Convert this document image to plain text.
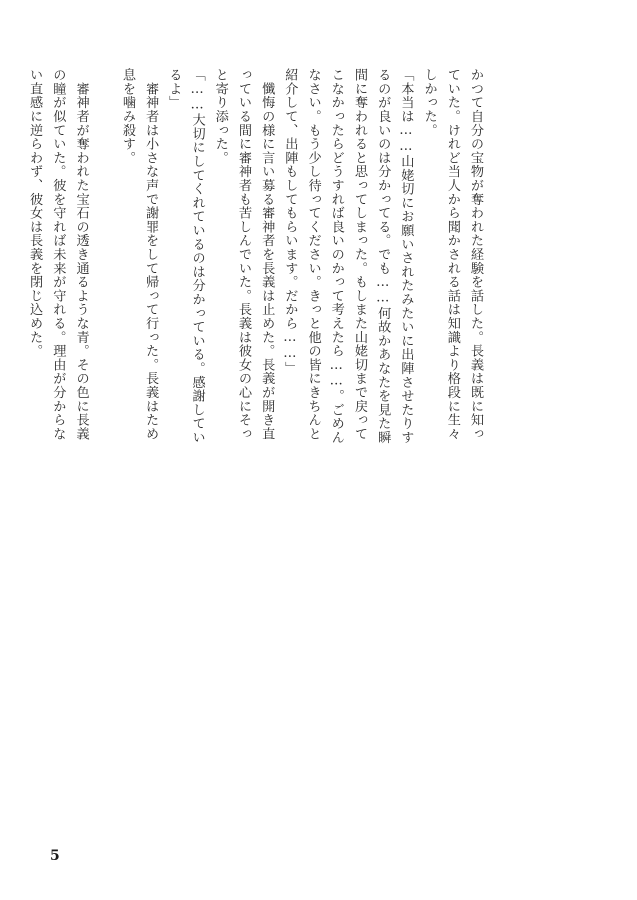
かつて自分の宝物が奪われた経験を話した。長義は既に知っ
ていた。けれど当人から聞かされる話は知識より格段に生々
しかった。
「本当は……山姥切にお願いされたみたいに出陣させたりす
るのが良いのは分かってる。でも……何故かあなたを見た瞬
間に奪われると思ってしまった。もしまた山姥切まで戻って
こなかったらどうすれば良いのかって考えたら……。ごめん
なさい。もう少し待ってください。きっと他の皆にきちんと
紹介して、出陣もしてもらいます。だから……」
　懺悔の様に言い募る審神者を長義は止めた。長義が開き直
っている間に審神者も苦しんでいた。長義は彼女の心にそっ
と寄り添った。
「……大切にしてくれているのは分かっている。感謝してい
るよ」
　審神者は小さな声で謝罪をして帰って行った。長義はため
息を噛み殺す。

　審神者が奪われた宝石の透き通るような青。その色に長義
の瞳が似ていた。彼を守れば未来が守れる。理由が分からな
い直感に逆らわず、彼女は長義を閉じ込めた。
5
